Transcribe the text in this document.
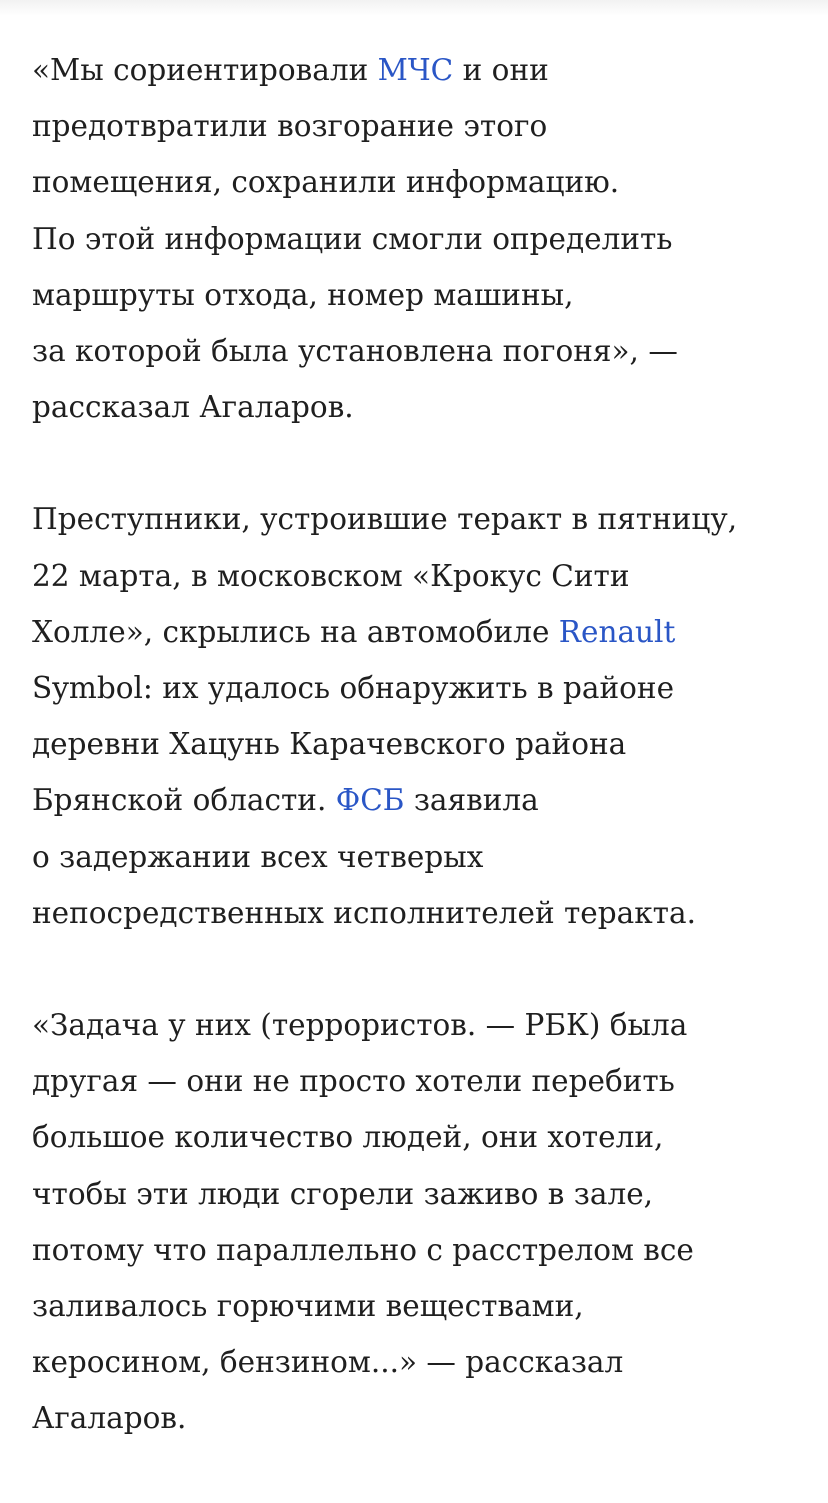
«Мы сориентировали МЧС и они
предотвратили возгорание этого
помещения, сохранили информацию.
По этой информации смогли определить
маршруты отхода, номер машины,
за которой была установлена погоня», —
рассказал Агаларов.

Преступники, устроившие теракт в пятницу,
22 марта, в московском «Крокус Сити
Холле», скрылись на автомобиле Renault
Symbol: их удалось обнаружить в районе
деревни Хацунь Карачевского района
Брянской области. ФСБ заявила
о задержании всех четверых
непосредственных исполнителей теракта.

«Задача у них (террористов. — РБК) была
другая — они не просто хотели перебить
большое количество людей, они хотели,
чтобы эти люди сгорели заживо в зале,
потому что параллельно с расстрелом все
заливалось горючими веществами,
керосином, бензином...» — рассказал
Агаларов.
